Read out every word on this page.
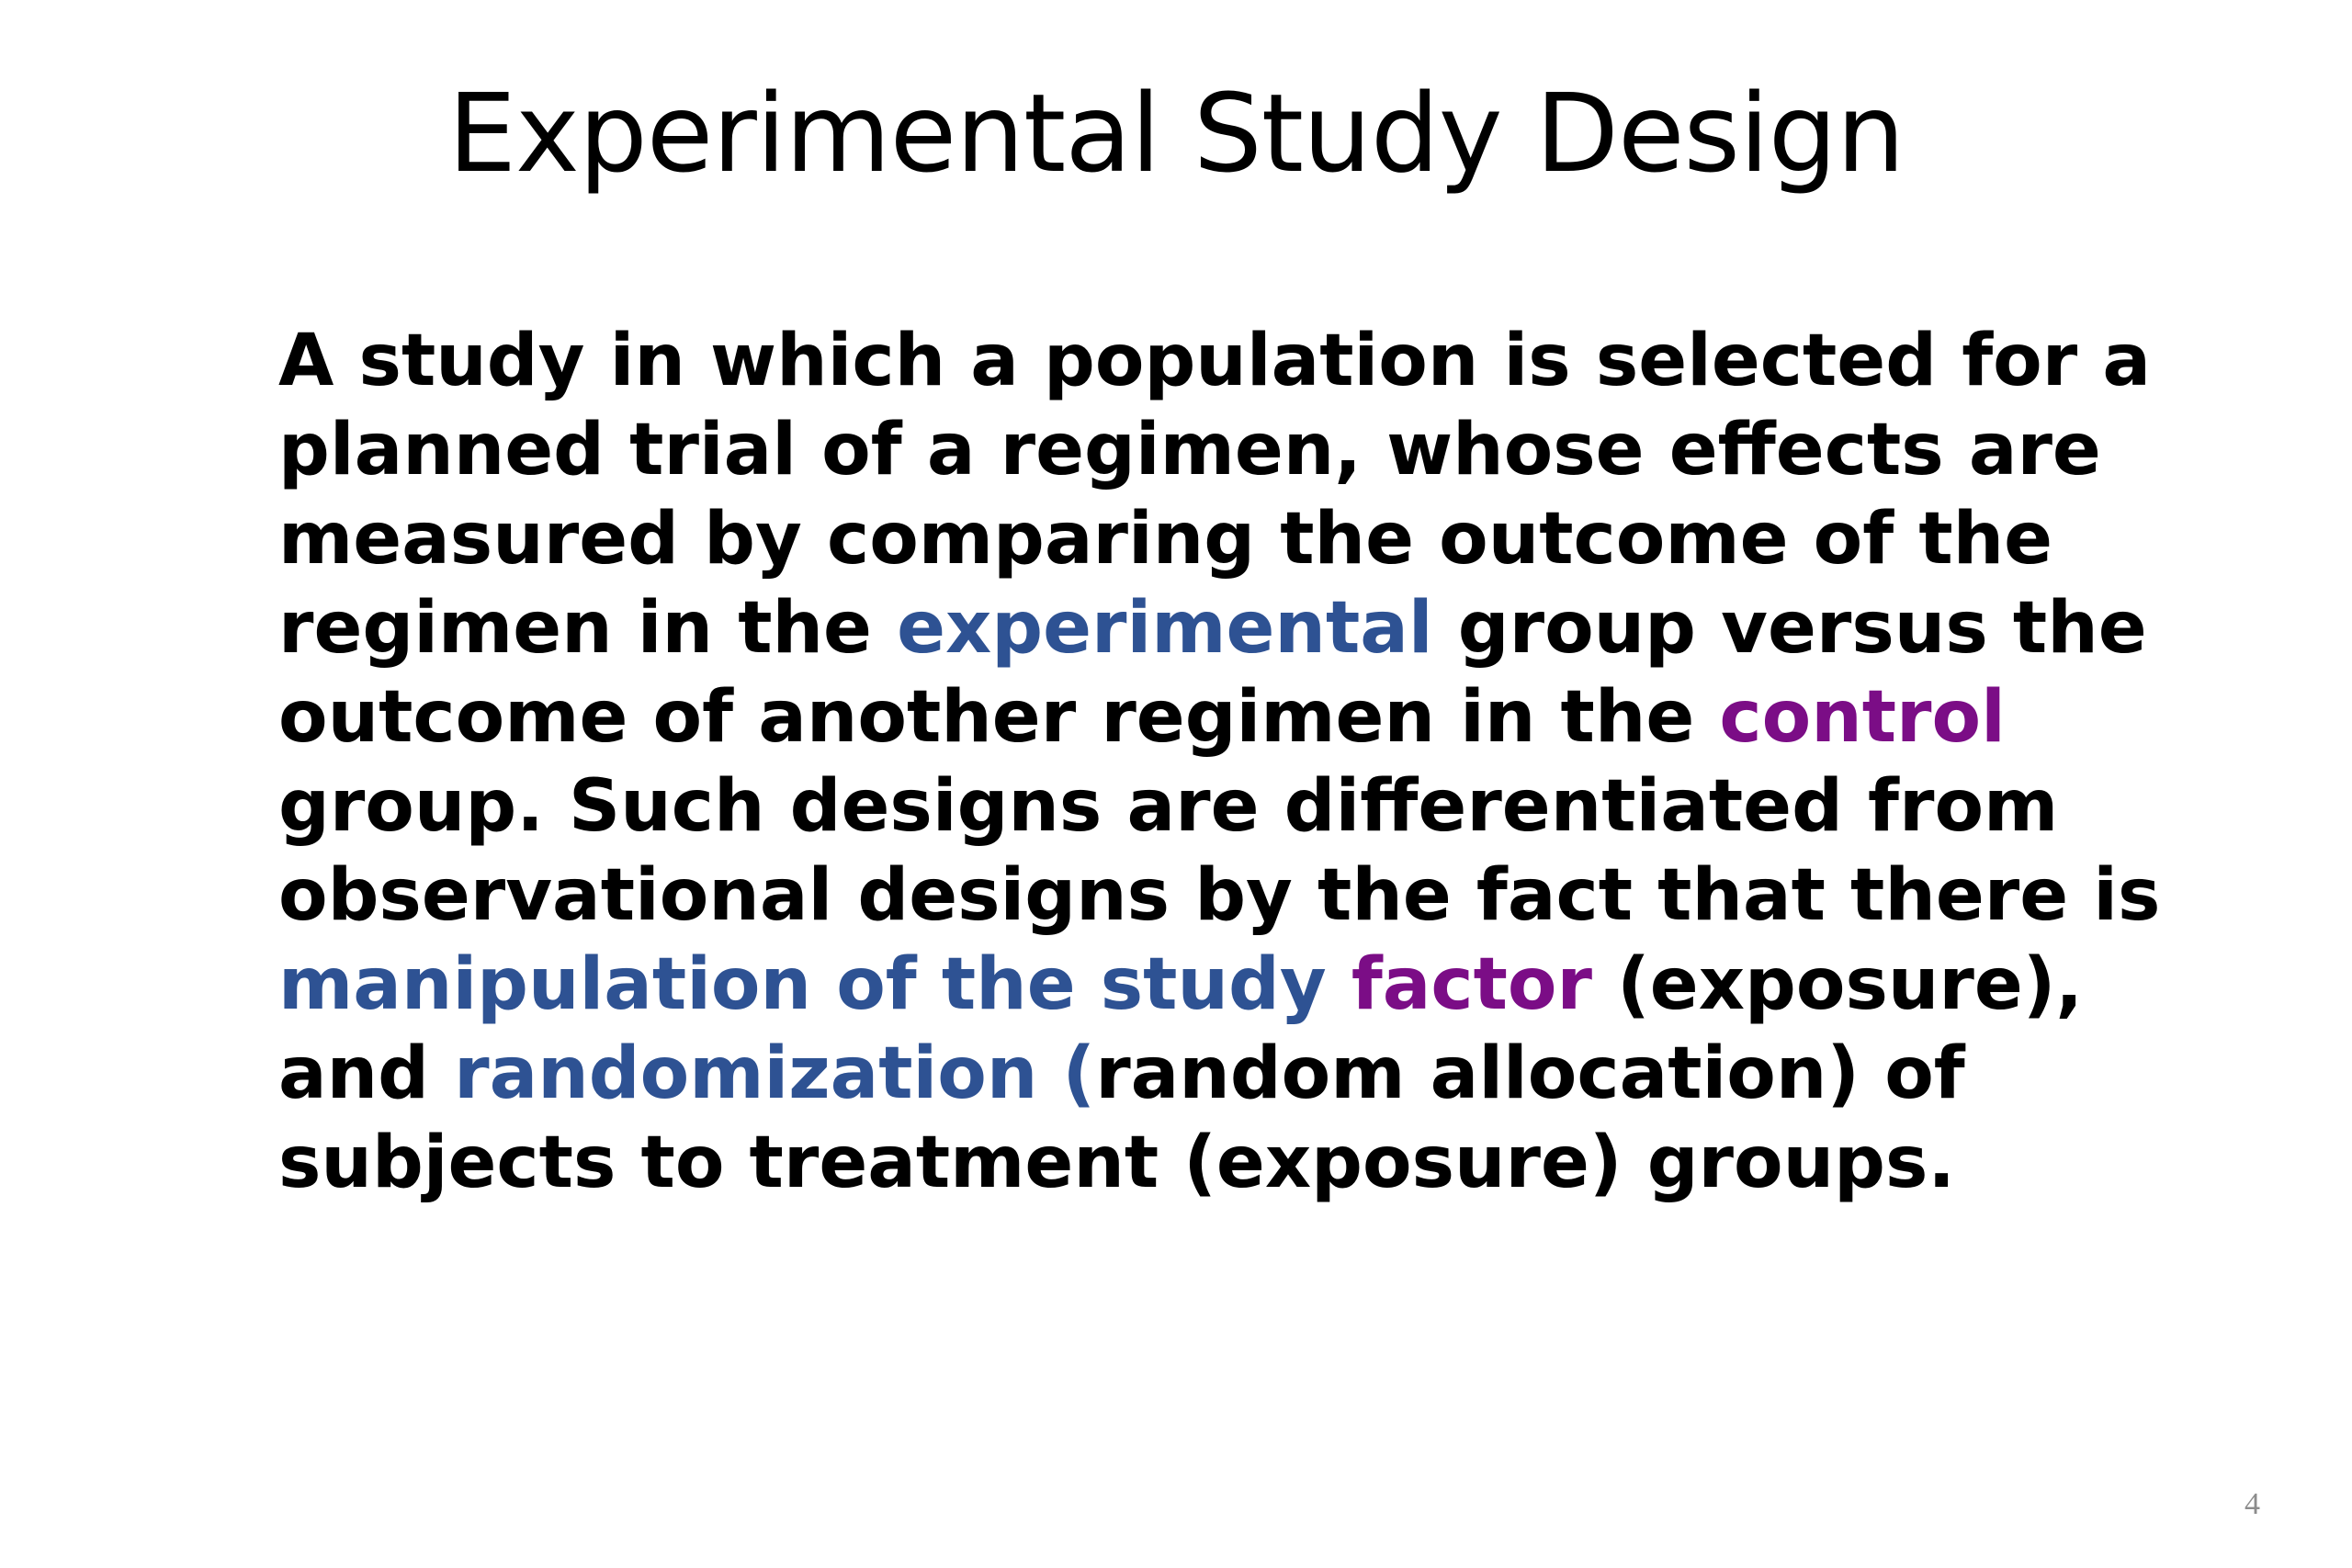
Experimental Study Design
A study in which a population is selected for a
planned trial of a regimen, whose effects are
measured by comparing the outcome of the
regimen in the experimental group versus the
outcome of another regimen in the control
group. Such designs are differentiated from
observational designs by the fact that there is
manipulation of the study factor (exposure),
and randomization (random allocation) of
subjects to treatment (exposure) groups.
4
